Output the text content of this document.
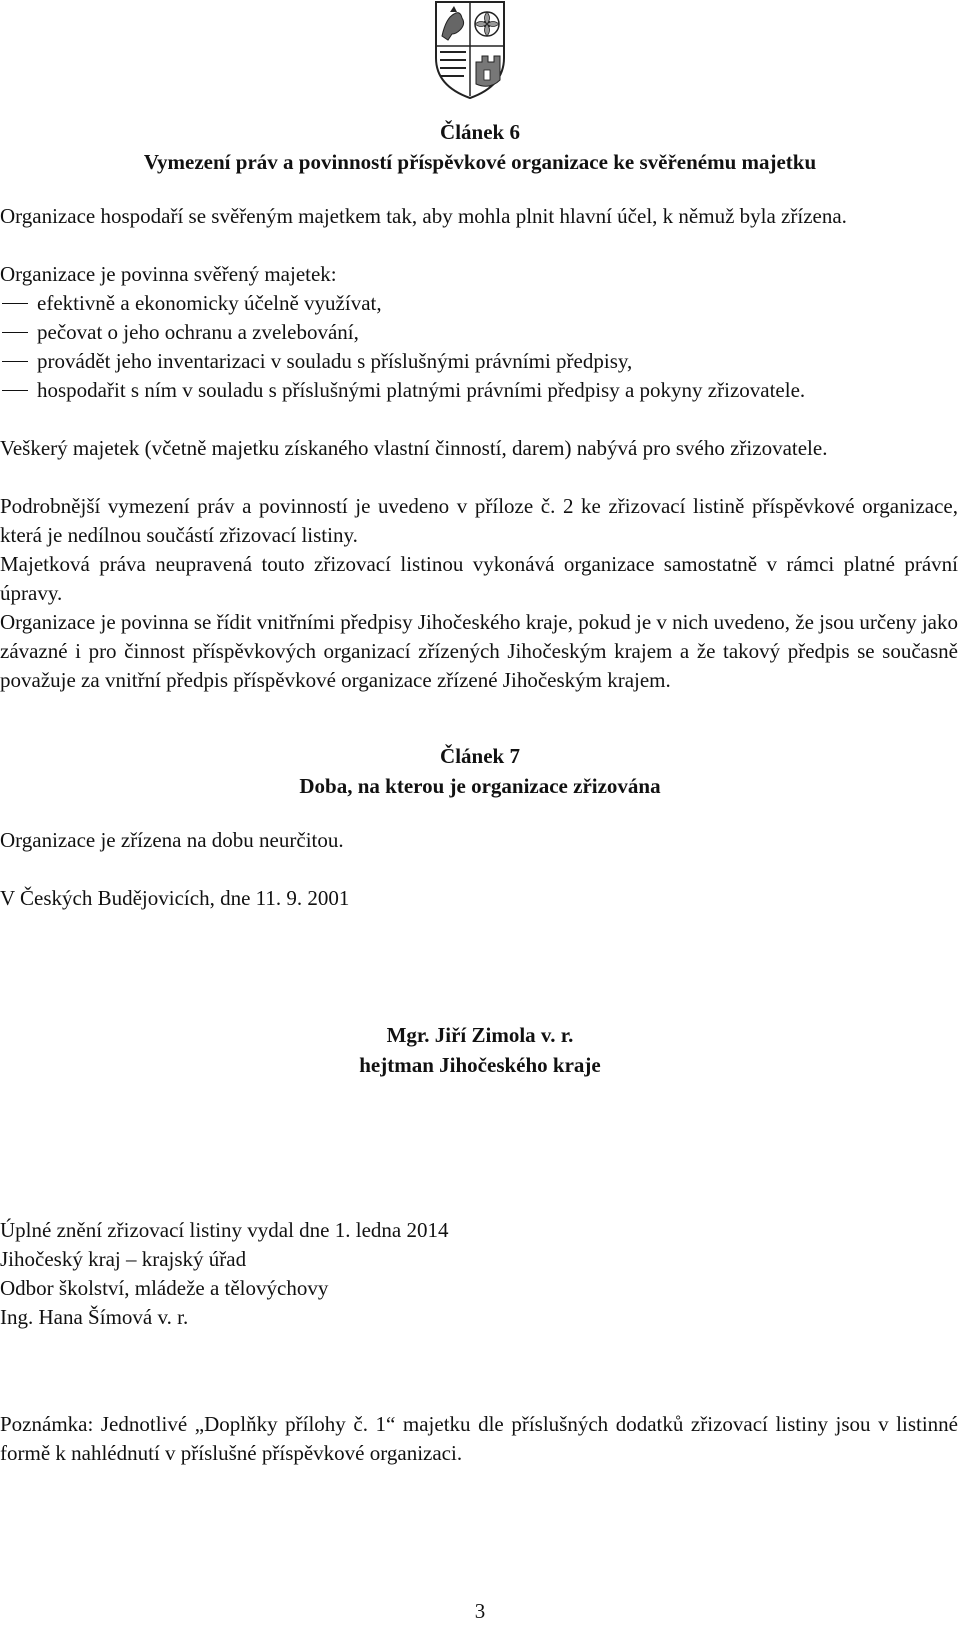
Článek 6
Vymezení práv a povinností příspěvkové organizace ke svěřenému majetku
Organizace hospodaří se svěřeným majetkem tak, aby mohla plnit hlavní účel, k němuž byla zřízena.
Organizace je povinna svěřený majetek:
efektivně a ekonomicky účelně využívat,
pečovat o jeho ochranu a zvelebování,
provádět jeho inventarizaci v souladu s příslušnými právními předpisy,
hospodařit s ním v souladu s příslušnými platnými právními předpisy a pokyny zřizovatele.
Veškerý majetek (včetně majetku získaného vlastní činností, darem) nabývá pro svého zřizovatele.
Podrobnější vymezení práv a povinností je uvedeno v příloze č. 2 ke zřizovací listině příspěvkové organizace, která je nedílnou součástí zřizovací listiny.
Majetková práva neupravená touto zřizovací listinou vykonává organizace samostatně v rámci platné právní úpravy.
Organizace je povinna se řídit vnitřními předpisy Jihočeského kraje, pokud je v nich uvedeno, že jsou určeny jako závazné i pro činnost příspěvkových organizací zřízených Jihočeským krajem a že takový předpis se současně považuje za vnitřní předpis příspěvkové organizace zřízené Jihočeským krajem.
Článek 7
Doba, na kterou je organizace zřizována
Organizace je zřízena na dobu neurčitou.
V Českých Budějovicích, dne 11. 9. 2001
Mgr. Jiří Zimola v. r.
hejtman Jihočeského kraje
Úplné znění zřizovací listiny vydal dne 1. ledna 2014
Jihočeský kraj – krajský úřad
Odbor školství, mládeže a tělovýchovy
Ing. Hana Šímová v. r.
Poznámka: Jednotlivé „Doplňky přílohy č. 1“ majetku dle příslušných dodatků zřizovací listiny jsou v listinné formě k nahlédnutí v příslušné příspěvkové organizaci.
3
